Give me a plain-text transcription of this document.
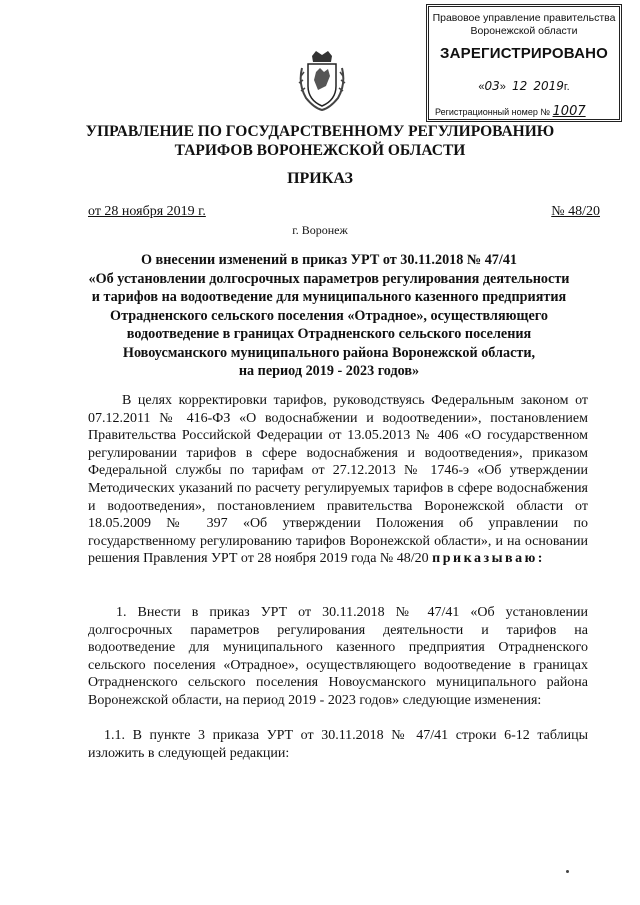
Правовое управление правительства
Воронежской области
ЗАРЕГИСТРИРОВАНО
«03»  12 2019г.
Регистрационный номер № 1007
УПРАВЛЕНИЕ ПО ГОСУДАРСТВЕННОМУ РЕГУЛИРОВАНИЮ
ТАРИФОВ ВОРОНЕЖСКОЙ ОБЛАСТИ
ПРИКАЗ
от 28 ноября 2019 г.	№ 48/20
г. Воронеж
О внесении изменений в приказ УРТ от 30.11.2018 № 47/41
«Об установлении долгосрочных параметров регулирования деятельности
и тарифов на водоотведение для муниципального казенного предприятия
Отрадненского сельского поселения «Отрадное», осуществляющего
водоотведение в границах Отрадненского сельского поселения
Новоусманского муниципального района Воронежской области,
на период 2019 - 2023 годов»
В целях корректировки тарифов, руководствуясь Федеральным законом от 07.12.2011 № 416-ФЗ «О водоснабжении и водоотведении», постановлением Правительства Российской Федерации от 13.05.2013 № 406 «О государственном регулировании тарифов в сфере водоснабжения и водоотведения», приказом Федеральной службы по тарифам от 27.12.2013 № 1746-э «Об утверждении Методических указаний по расчету регулируемых тарифов в сфере водоснабжения и водоотведения», постановлением правительства Воронежской области от 18.05.2009 № 397 «Об утверждении Положения об управлении по государственному регулированию тарифов Воронежской области», и на основании решения Правления УРТ от 28 ноября 2019 года № 48/20 приказываю:
1. Внести в приказ УРТ от 30.11.2018 № 47/41 «Об установлении долгосрочных параметров регулирования деятельности и тарифов на водоотведение для муниципального казенного предприятия Отрадненского сельского поселения «Отрадное», осуществляющего водоотведение в границах Отрадненского сельского поселения Новоусманского муниципального района Воронежской области, на период 2019 - 2023 годов» следующие изменения:
1.1. В пункте 3 приказа УРТ от 30.11.2018 № 47/41 строки 6-12 таблицы изложить в следующей редакции:
